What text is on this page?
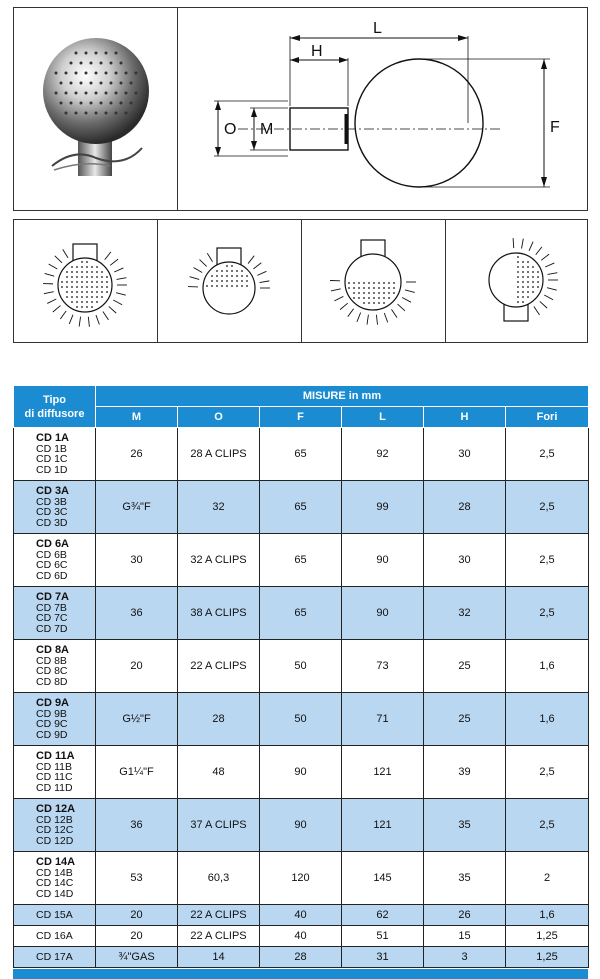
L
H
O M	F
Tipo
di diffusore	MISURE in mm					
	M	O	F	L	H	Fori
CD 1A
CD 1B
CD 1C
CD 1D	26	28 A CLIPS	65	92	30	2,5
CD 3A
CD 3B
CD 3C
CD 3D	G¾"F	32	65	99	28	2,5
CD 6A
CD 6B
CD 6C
CD 6D	30	32 A CLIPS	65	90	30	2,5
CD 7A
CD 7B
CD 7C
CD 7D	36	38 A CLIPS	65	90	32	2,5
CD 8A
CD 8B
CD 8C
CD 8D	20	22 A CLIPS	50	73	25	1,6
CD 9A
CD 9B
CD 9C
CD 9D	G½"F	28	50	71	25	1,6
CD 11A
CD 11B
CD 11C
CD 11D	G1¼"F	48	90	121	39	2,5
CD 12A
CD 12B
CD 12C
CD 12D	36	37 A CLIPS	90	121	35	2,5
CD 14A
CD 14B
CD 14C
CD 14D	53	60,3	120	145	35	2
CD 15A	20	22 A CLIPS	40	62	26	1,6
CD 16A	20	22 A CLIPS	40	51	15	1,25
CD 17A	¾"GAS	14	28	31	3	1,25
